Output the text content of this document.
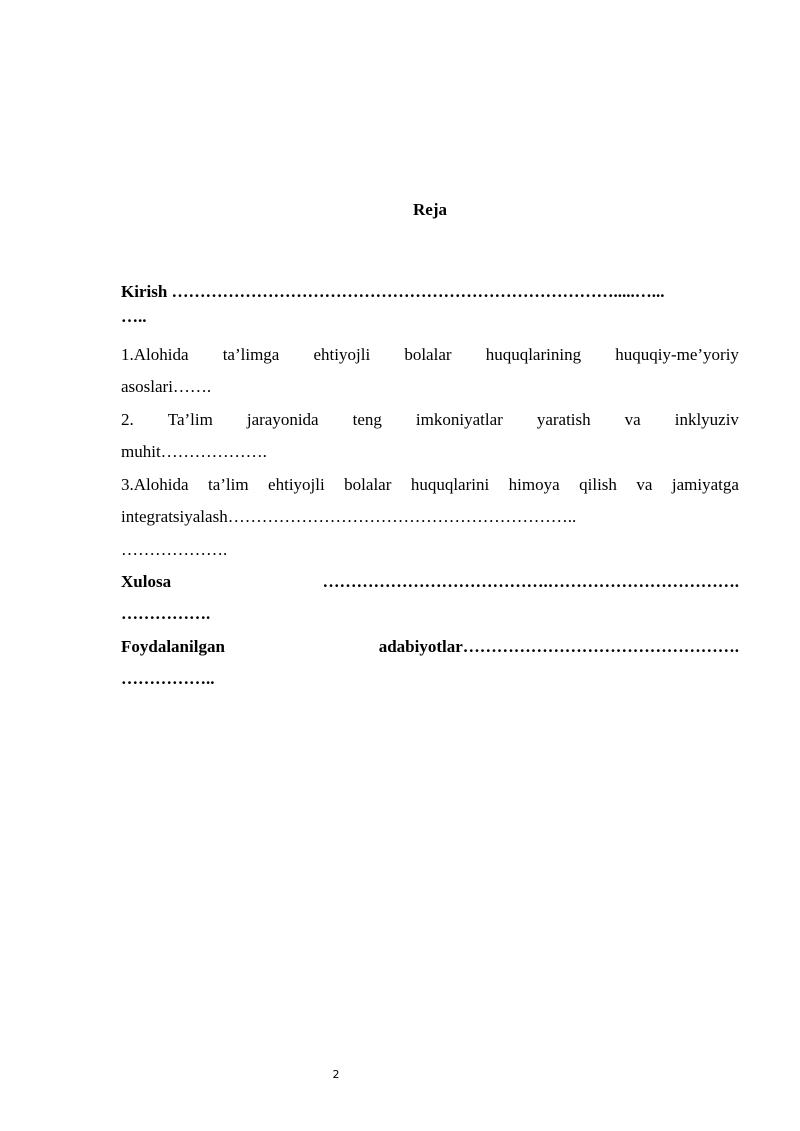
Reja
Kirish …………………………………………………………………….....…...
…..
1.Alohida ta’limga ehtiyojli bolalar huquqlarining huquqiy-me’yoriy
asoslari…….
2. Ta’lim jarayonida teng imkoniyatlar yaratish va inklyuziv
muhit……………….
3.Alohida ta’lim ehtiyojli bolalar huquqlarini himoya qilish va jamiyatga
integratsiyalash……………………………………………………..
……………….
Xulosa	………………………………….…………………………….
…………….
Foydalanilgan	adabiyotlar………………………………………….
……………..
2
